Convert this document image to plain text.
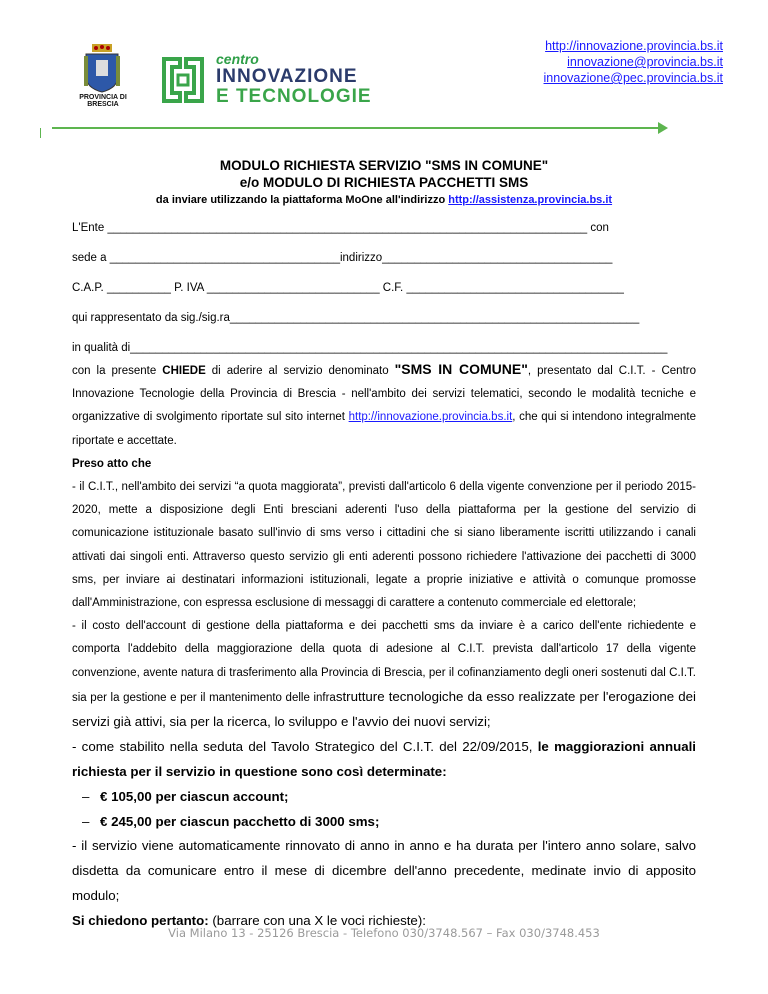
http://innovazione.provincia.bs.it
innovazione@provincia.bs.it
innovazione@pec.provincia.bs.it
PROVINCIA DI BRESCIA
centro
INNOVAZIONE
E TECNOLOGIE
MODULO RICHIESTA SERVIZIO "SMS IN COMUNE"
e/o MODULO DI RICHIESTA PACCHETTI SMS
da inviare utilizzando la piattaforma MoOne all'indirizzo http://assistenza.provincia.bs.it
L'Ente ___________________________________________________________________________ con
sede a ____________________________________indirizzo____________________________________
C.A.P. __________ P. IVA ___________________________ C.F. __________________________________
qui rappresentato da sig./sig.ra________________________________________________________________
in qualità di____________________________________________________________________________________

con la presente CHIEDE di aderire al servizio denominato "SMS IN COMUNE", presentato dal C.I.T. - Centro Innovazione Tecnologie della Provincia di Brescia - nell'ambito dei servizi telematici, secondo le modalità tecniche e organizzative di svolgimento riportate sul sito internet http://innovazione.provincia.bs.it, che qui si intendono integralmente riportate e accettate.

Preso atto che

- il C.I.T., nell'ambito dei servizi “a quota maggiorata”, previsti dall'articolo 6 della vigente convenzione per il periodo 2015-2020, mette a disposizione degli Enti bresciani aderenti l'uso della piattaforma per la gestione del servizio di comunicazione istituzionale basato sull'invio di sms verso i cittadini che si siano liberamente iscritti utilizzando i canali attivati dai singoli enti. Attraverso questo servizio gli enti aderenti possono richiedere l'attivazione dei pacchetti di 3000 sms, per inviare ai destinatari informazioni istituzionali, legate a proprie iniziative e attività o comunque promosse dall'Amministrazione, con espressa esclusione di messaggi di carattere a contenuto commerciale ed elettorale;

- il costo dell'account di gestione della piattaforma e dei pacchetti sms da inviare è a carico dell'ente richiedente e comporta l'addebito della maggiorazione della quota di adesione al C.I.T. prevista dall'articolo 17 della vigente convenzione, avente natura di trasferimento alla Provincia di Brescia, per il cofinanziamento degli oneri sostenuti dal C.I.T. sia per la gestione e per il mantenimento delle infrastrutture tecnologiche da esso realizzate per l'erogazione dei servizi già attivi, sia per la ricerca, lo sviluppo e l'avvio dei nuovi servizi;

- come stabilito nella seduta del Tavolo Strategico del C.I.T. del 22/09/2015, le maggiorazioni annuali richiesta per il servizio in questione sono così determinate:

– € 105,00 per ciascun account;

– € 245,00 per ciascun pacchetto di 3000 sms;

- il servizio viene automaticamente rinnovato di anno in anno e ha durata per l'intero anno solare, salvo disdetta da comunicare entro il mese di dicembre dell'anno precedente, medinate invio di apposito modulo;

Si chiedono pertanto: (barrare con una X le voci richieste):

Via Milano 13 - 25126 Brescia - Telefono 030/3748.567 – Fax 030/3748.453
